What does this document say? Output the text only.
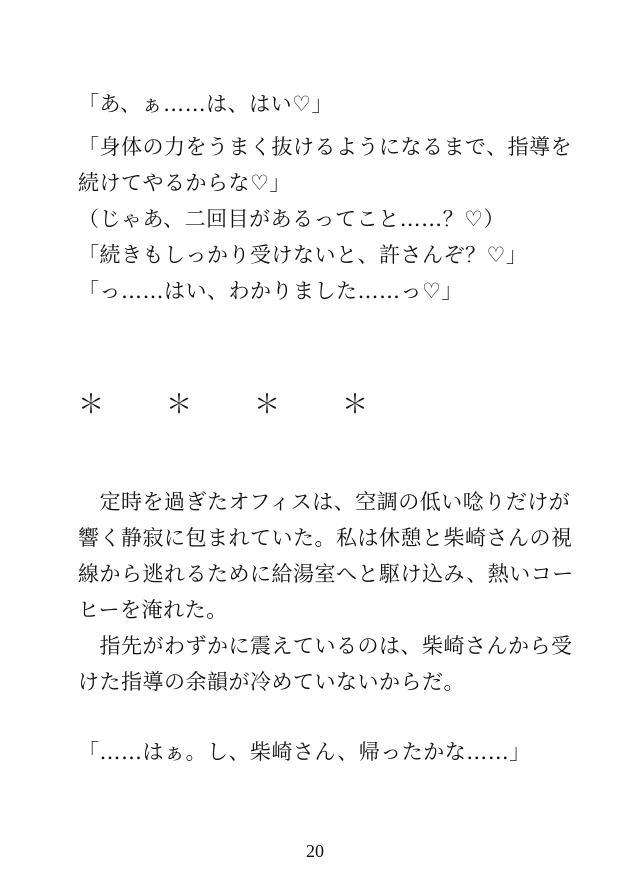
「あ、ぁ……は、はい♡」
「身体の力をうまく抜けるようになるまで、指導を
続けてやるからな♡」
（じゃあ、二回目があるってこと……？♡）
「続きもしっかり受けないと、許さんぞ？♡」
「っ……はい、わかりました……っ♡」
＊　＊　＊　＊
　定時を過ぎたオフィスは、空調の低い唸りだけが
響く静寂に包まれていた。私は休憩と柴崎さんの視
線から逃れるために給湯室へと駆け込み、熱いコー
ヒーを淹れた。
　指先がわずかに震えているのは、柴崎さんから受
けた指導の余韻が冷めていないからだ。
「……はぁ。し、柴崎さん、帰ったかな……」
20
